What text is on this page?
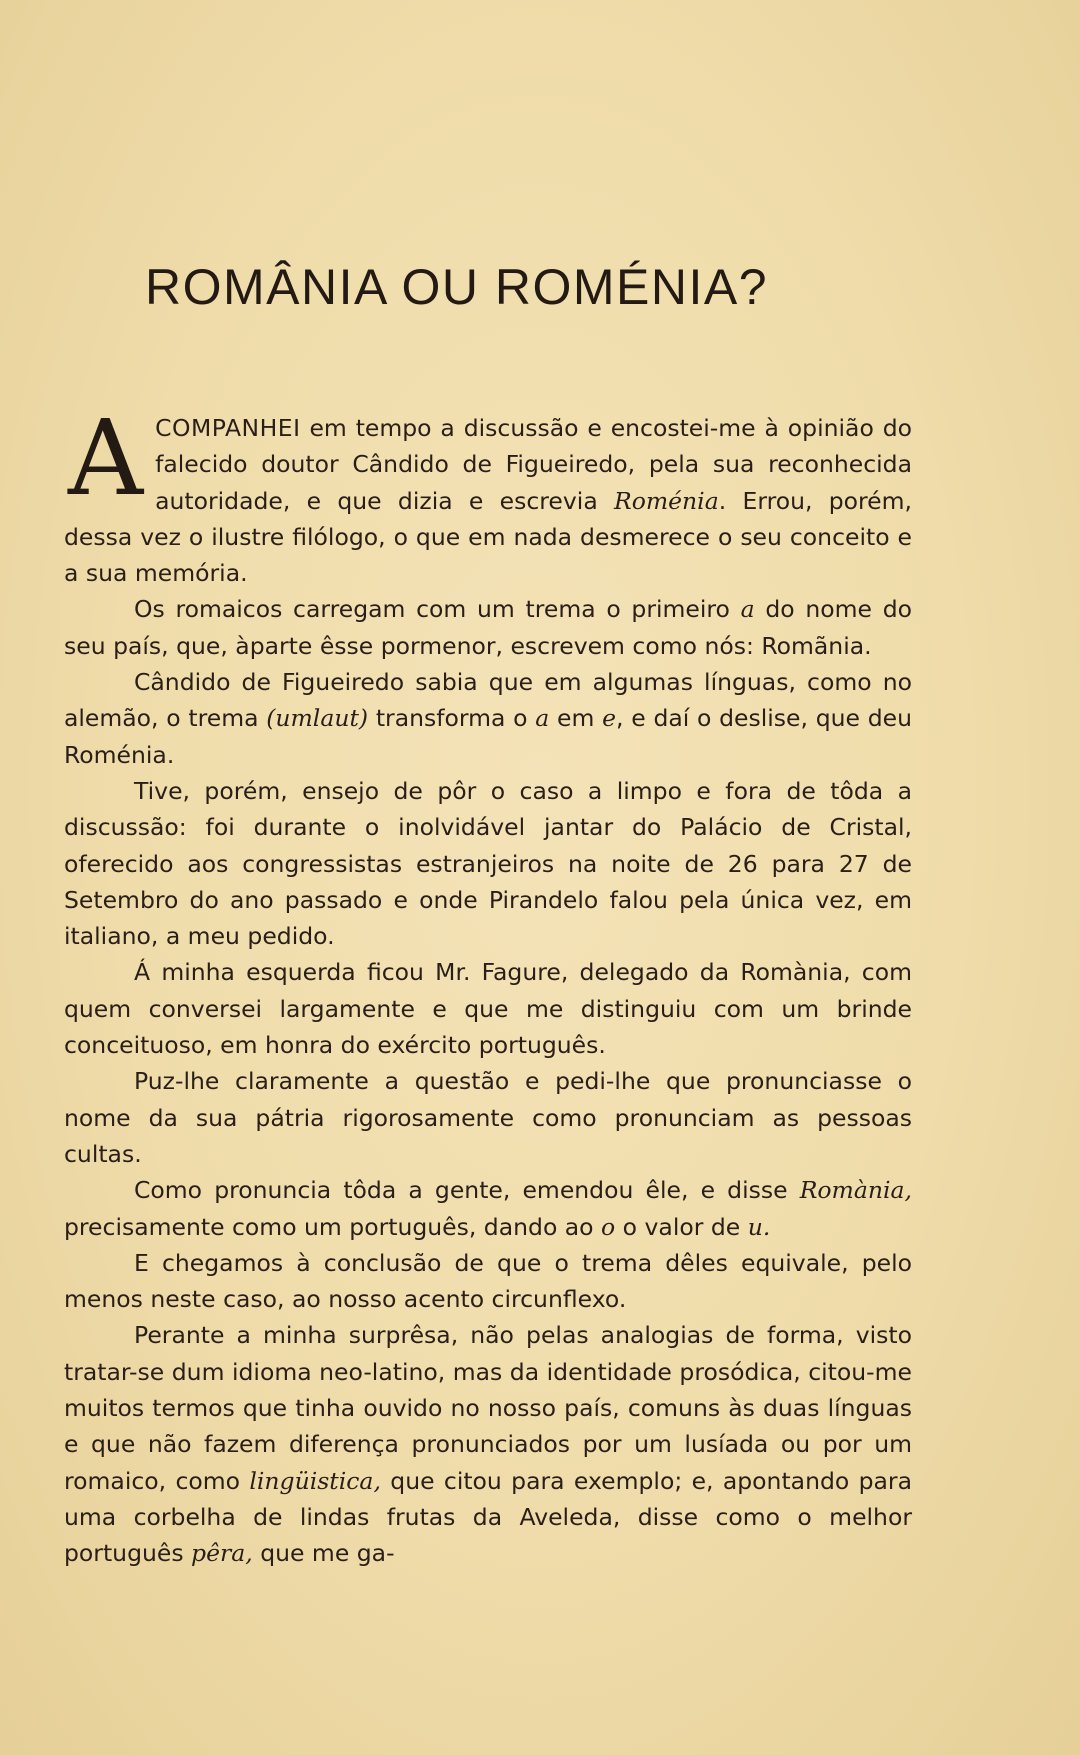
ROMÂNIA OU ROMÉNIA?

ACOMPANHEI em tempo a discussão e encostei-me à opinião do falecido doutor Cândido de Figueiredo, pela sua reconhecida autoridade, e que dizia e escrevia Roménia. Errou, porém, dessa vez o ilustre filólogo, o que em nada desmerece o seu conceito e a sua memória.

Os romaicos carregam com um trema o primeiro a do nome do seu país, que, àparte êsse pormenor, escrevem como nós: Romãnia.

Cândido de Figueiredo sabia que em algumas línguas, como no alemão, o trema (umlaut) transforma o a em e, e daí o deslise, que deu Roménia.

Tive, porém, ensejo de pôr o caso a limpo e fora de tôda a discussão: foi durante o inolvidável jantar do Palácio de Cristal, oferecido aos congressistas estranjeiros na noite de 26 para 27 de Setembro do ano passado e onde Pirandelo falou pela única vez, em italiano, a meu pedido.

Á minha esquerda ficou Mr. Fagure, delegado da Romània, com quem conversei largamente e que me distinguiu com um brinde conceituoso, em honra do exército português.

Puz-lhe claramente a questão e pedi-lhe que pronunciasse o nome da sua pátria rigorosamente como pronunciam as pessoas cultas.

Como pronuncia tôda a gente, emendou êle, e disse Romània, precisamente como um português, dando ao o o valor de u.

E chegamos à conclusão de que o trema dêles equivale, pelo menos neste caso, ao nosso acento circunflexo.

Perante a minha surprêsa, não pelas analogias de forma, visto tratar-se dum idioma neo-latino, mas da identidade prosódica, citou-me muitos termos que tinha ouvido no nosso país, comuns às duas línguas e que não fazem diferença pronunciados por um lusíada ou por um romaico, como lingüistica, que citou para exemplo; e, apontando para uma corbelha de lindas frutas da Aveleda, disse como o melhor português pêra, que me ga-
